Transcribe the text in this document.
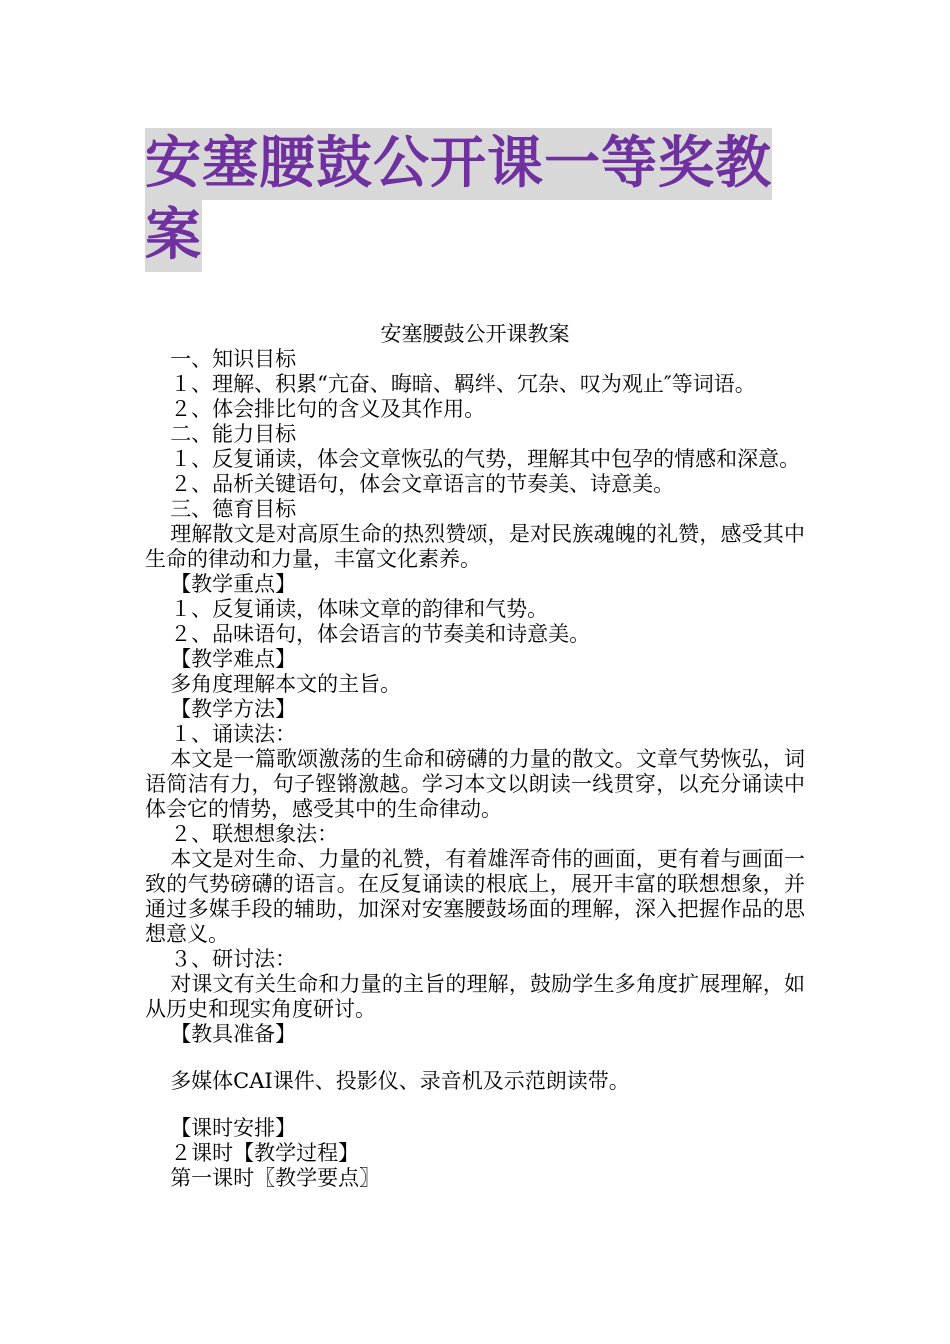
安塞腰鼓公开课一等奖教
案

安塞腰鼓公开课教案

一、知识目标

１、理解、积累“亢奋、晦暗、羁绊、冗杂、叹为观止″等词语。

２、体会排比句的含义及其作用。

二、能力目标

１、反复诵读，体会文章恢弘的气势，理解其中包孕的情感和深意。

２、品析关键语句，体会文章语言的节奏美、诗意美。

三、德育目标

理解散文是对高原生命的热烈赞颂，是对民族魂魄的礼赞，感受其中生命的律动和力量，丰富文化素养。

【教学重点】

１、反复诵读，体味文章的韵律和气势。

２、品味语句，体会语言的节奏美和诗意美。

【教学难点】

多角度理解本文的主旨。

【教学方法】

１、诵读法：

本文是一篇歌颂激荡的生命和磅礴的力量的散文。文章气势恢弘，词语简洁有力，句子铿锵激越。学习本文以朗读一线贯穿，以充分诵读中体会它的情势，感受其中的生命律动。

２、联想想象法：

本文是对生命、力量的礼赞，有着雄浑奇伟的画面，更有着与画面一致的气势磅礴的语言。在反复诵读的根底上，展开丰富的联想想象，并通过多媒手段的辅助，加深对安塞腰鼓场面的理解，深入把握作品的思想意义。

３、研讨法：

对课文有关生命和力量的主旨的理解，鼓励学生多角度扩展理解，如从历史和现实角度研讨。

【教具准备】

多媒体CAI课件、投影仪、录音机及示范朗读带。

【课时安排】

２课时【教学过程】

第一课时〖教学要点〗
